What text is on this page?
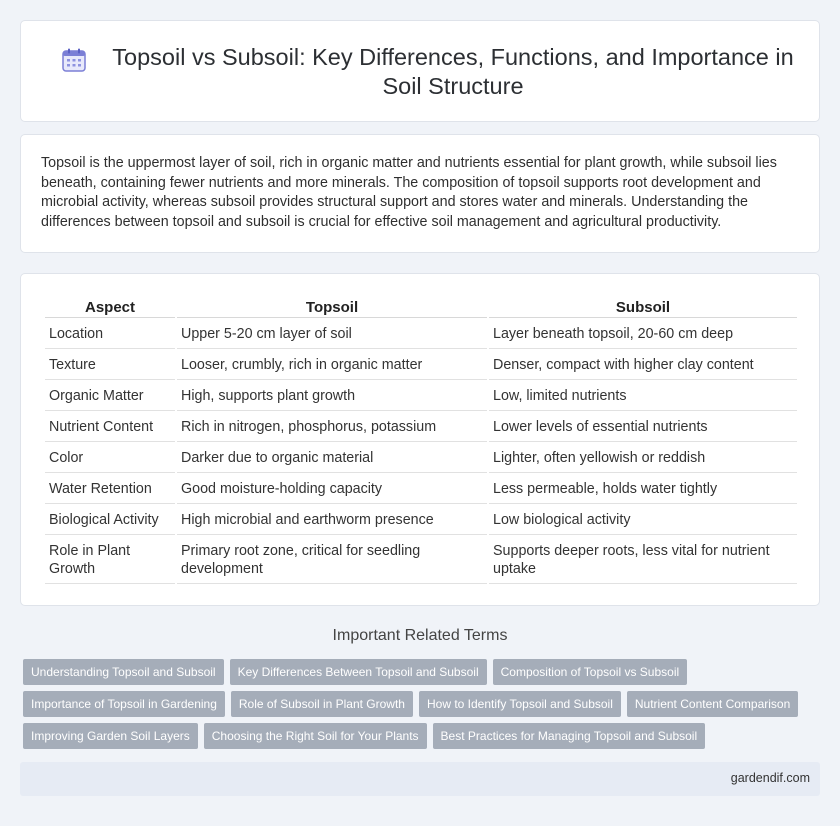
Topsoil vs Subsoil: Key Differences, Functions, and Importance in Soil Structure

Topsoil is the uppermost layer of soil, rich in organic matter and nutrients essential for plant growth, while subsoil lies beneath, containing fewer nutrients and more minerals. The composition of topsoil supports root development and microbial activity, whereas subsoil provides structural support and stores water and minerals. Understanding the differences between topsoil and subsoil is crucial for effective soil management and agricultural productivity.

Aspect	Topsoil	Subsoil
Location	Upper 5-20 cm layer of soil	Layer beneath topsoil, 20-60 cm deep
Texture	Looser, crumbly, rich in organic matter	Denser, compact with higher clay content
Organic Matter	High, supports plant growth	Low, limited nutrients
Nutrient Content	Rich in nitrogen, phosphorus, potassium	Lower levels of essential nutrients
Color	Darker due to organic material	Lighter, often yellowish or reddish
Water Retention	Good moisture-holding capacity	Less permeable, holds water tightly
Biological Activity	High microbial and earthworm presence	Low biological activity
Role in Plant Growth	Primary root zone, critical for seedling development	Supports deeper roots, less vital for nutrient uptake
Important Related Terms
Understanding Topsoil and Subsoil	Key Differences Between Topsoil and Subsoil	Composition of Topsoil vs Subsoil
Importance of Topsoil in Gardening	Role of Subsoil in Plant Growth	How to Identify Topsoil and Subsoil	Nutrient Content Comparison
Improving Garden Soil Layers	Choosing the Right Soil for Your Plants	Best Practices for Managing Topsoil and Subsoil
gardendif.com
